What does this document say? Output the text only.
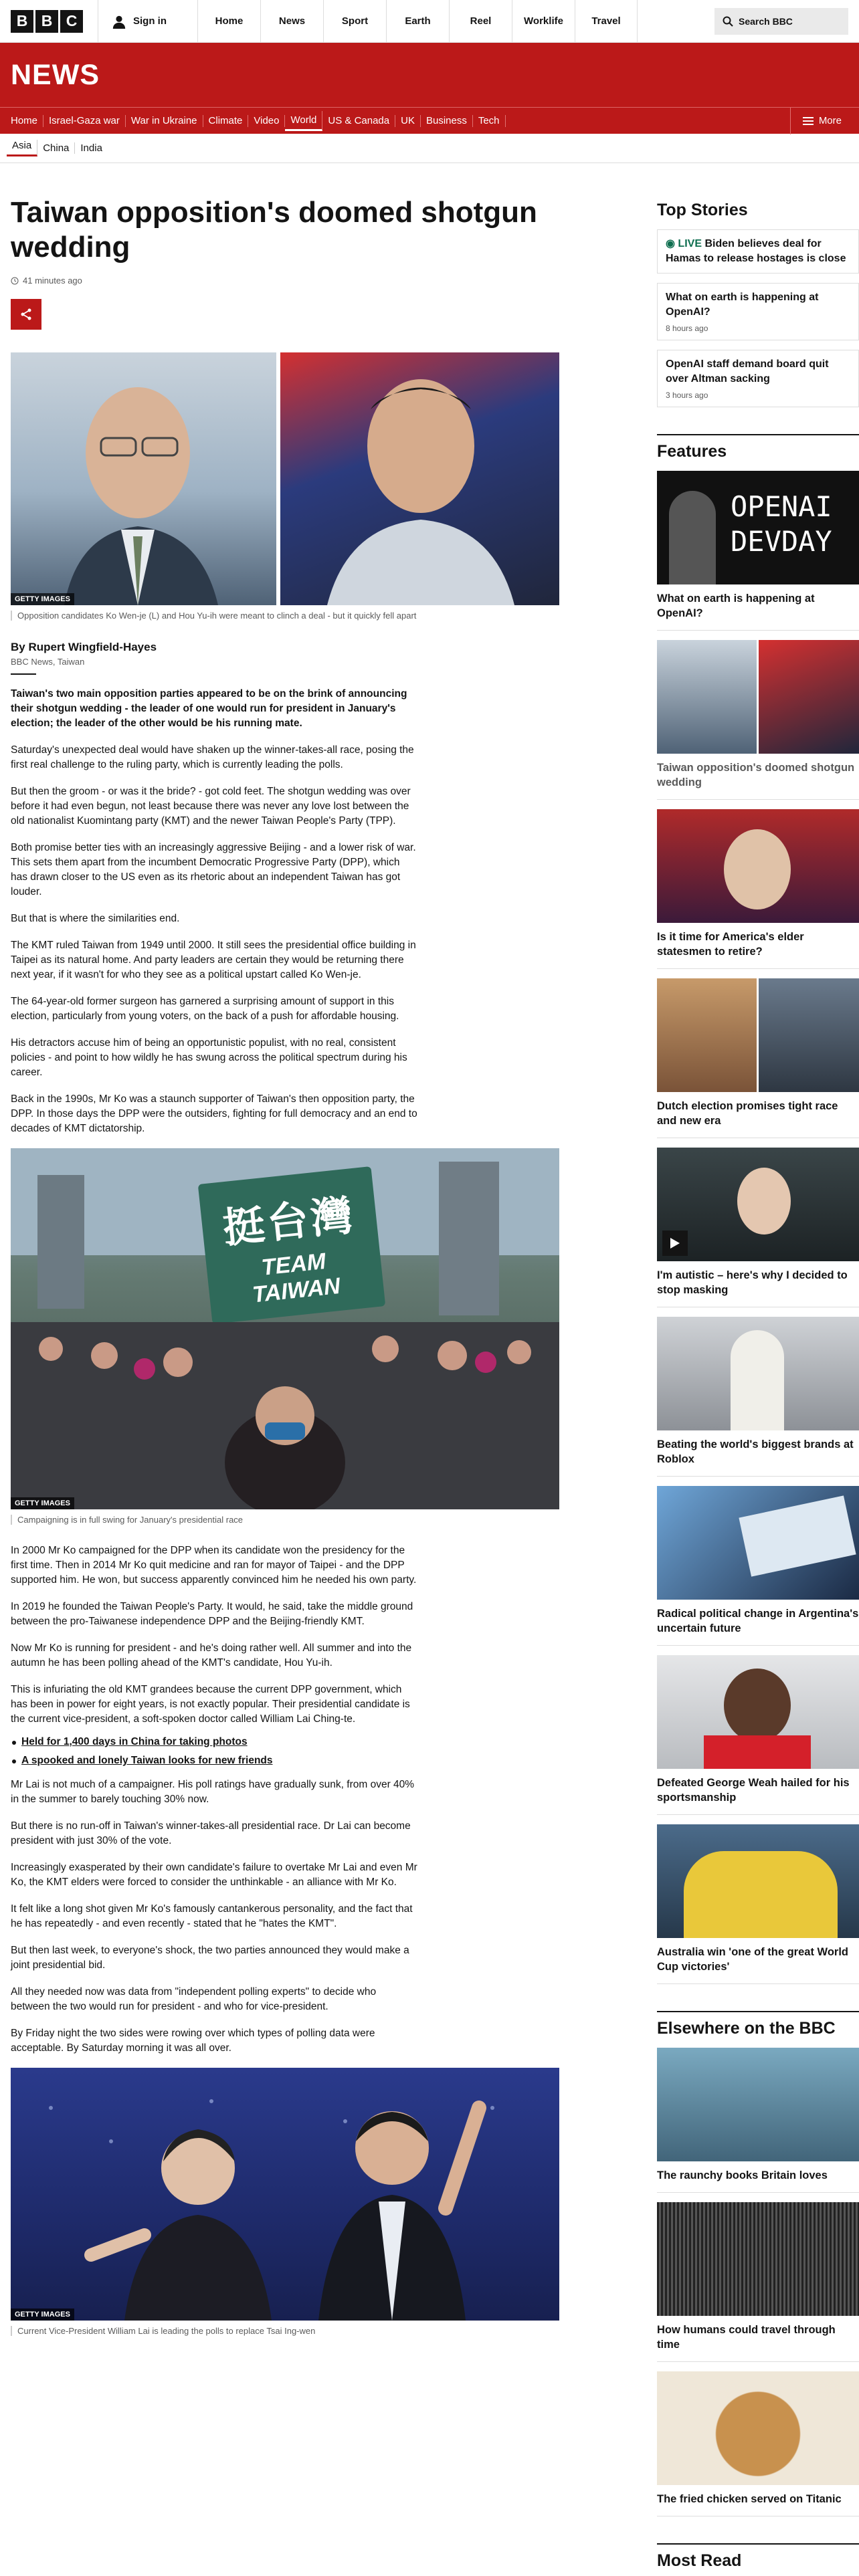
B B C	Sign in	Home	News	Sport	Earth	Reel	Worklife	Travel	Search BBC
NEWS
Home	Israel-Gaza war	War in Ukraine	Climate	Video	World	US & Canada	UK	Business	Tech	More
Asia	China	India
Taiwan opposition's doomed shotgun wedding
41 minutes ago
GETTY IMAGES

Opposition candidates Ko Wen-je (L) and Hou Yu-ih were meant to clinch a deal - but it quickly fell apart

By Rupert Wingfield-Hayes
BBC News, Taiwan

Taiwan's two main opposition parties appeared to be on the brink of announcing their shotgun wedding - the leader of one would run for president in January's election; the leader of the other would be his running mate.

Saturday's unexpected deal would have shaken up the winner-takes-all race, posing the first real challenge to the ruling party, which is currently leading the polls.

But then the groom - or was it the bride? - got cold feet. The shotgun wedding was over before it had even begun, not least because there was never any love lost between the old nationalist Kuomintang party (KMT) and the newer Taiwan People's Party (TPP).

Both promise better ties with an increasingly aggressive Beijing - and a lower risk of war. This sets them apart from the incumbent Democratic Progressive Party (DPP), which has drawn closer to the US even as its rhetoric about an independent Taiwan has got louder.

But that is where the similarities end.

The KMT ruled Taiwan from 1949 until 2000. It still sees the presidential office building in Taipei as its natural home. And party leaders are certain they would be returning there next year, if it wasn't for who they see as a political upstart called Ko Wen-je.

The 64-year-old former surgeon has garnered a surprising amount of support in this election, particularly from young voters, on the back of a push for affordable housing.

His detractors accuse him of being an opportunistic populist, with no real, consistent policies - and point to how wildly he has swung across the political spectrum during his career.

Back in the 1990s, Mr Ko was a staunch supporter of Taiwan's then opposition party, the DPP. In those days the DPP were the outsiders, fighting for full democracy and an end to decades of KMT dictatorship.

挺台灣
TEAM TAIWAN
GETTY IMAGES

Campaigning is in full swing for January's presidential race

In 2000 Mr Ko campaigned for the DPP when its candidate won the presidency for the first time. Then in 2014 Mr Ko quit medicine and ran for mayor of Taipei - and the DPP supported him. He won, but success apparently convinced him he needed his own party.

In 2019 he founded the Taiwan People's Party. It would, he said, take the middle ground between the pro-Taiwanese independence DPP and the Beijing-friendly KMT.

Now Mr Ko is running for president - and he's doing rather well. All summer and into the autumn he has been polling ahead of the KMT's candidate, Hou Yu-ih.

This is infuriating the old KMT grandees because the current DPP government, which has been in power for eight years, is not exactly popular. Their presidential candidate is the current vice-president, a soft-spoken doctor called William Lai Ching-te.

Held for 1,400 days in China for taking photos
A spooked and lonely Taiwan looks for new friends

Mr Lai is not much of a campaigner. His poll ratings have gradually sunk, from over 40% in the summer to barely touching 30% now.

But there is no run-off in Taiwan's winner-takes-all presidential race. Dr Lai can become president with just 30% of the vote.

Increasingly exasperated by their own candidate's failure to overtake Mr Lai and even Mr Ko, the KMT elders were forced to consider the unthinkable - an alliance with Mr Ko.

It felt like a long shot given Mr Ko's famously cantankerous personality, and the fact that he has repeatedly - and even recently - stated that he "hates the KMT".

But then last week, to everyone's shock, the two parties announced they would make a joint presidential bid.

All they needed now was data from "independent polling experts" to decide who between the two would run for president - and who for vice-president.

By Friday night the two sides were rowing over which types of polling data were acceptable. By Saturday morning it was all over.

GETTY IMAGES

Current Vice-President William Lai is leading the polls to replace Tsai Ing-wen

Top Stories
◉ LIVE Biden believes deal for Hamas to release hostages is close
What on earth is happening at OpenAI?
8 hours ago
OpenAI staff demand board quit over Altman sacking
3 hours ago
Features
OPENAI DEVDAY
What on earth is happening at OpenAI?
Taiwan opposition's doomed shotgun wedding
Is it time for America's elder statesmen to retire?
Dutch election promises tight race and new era
I'm autistic – here's why I decided to stop masking
Beating the world's biggest brands at Roblox
Radical political change in Argentina's uncertain future
Defeated George Weah hailed for his sportsmanship
Australia win 'one of the great World Cup victories'
Elsewhere on the BBC
The raunchy books Britain loves
How humans could travel through time
The fried chicken served on Titanic
Most Read
